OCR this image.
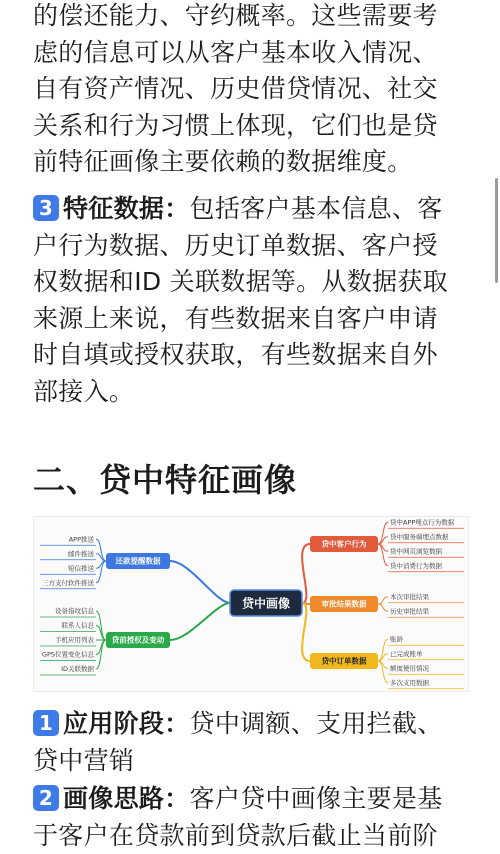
的偿还能力、守约概率。这些需要考
虑的信息可以从客户基本收入情况、
自有资产情况、历史借贷情况、社交
关系和行为习惯上体现，它们也是贷
前特征画像主要依赖的数据维度。
3 特征数据：包括客户基本信息、客
户行为数据、历史订单数据、客户授
权数据和ID 关联数据等。从数据获取
来源上来说，有些数据来自客户申请
时自填或授权获取，有些数据来自外
部接入。
二、贷中特征画像
APP推送
邮件推送
短信推送
三方支付软件推送
还款提醒数据
设备指纹信息
联系人信息
手机应用列表
GPS位置变化信息
ID关联数据
贷前授权及变动
贷中APP埋点行为数据
贷中服务端埋点数据
贷中网页浏览数据
贷中消费行为数据
贷中客户行为
本次审批结果
历史审批结果
审批结果数据
账龄
已完成账单
额度使用情况
多次支用数据
贷中订单数据
贷中画像
1 应用阶段：贷中调额、支用拦截、
贷中营销
2 画像思路：客户贷中画像主要是基
于客户在贷款前到贷款后截止当前阶
